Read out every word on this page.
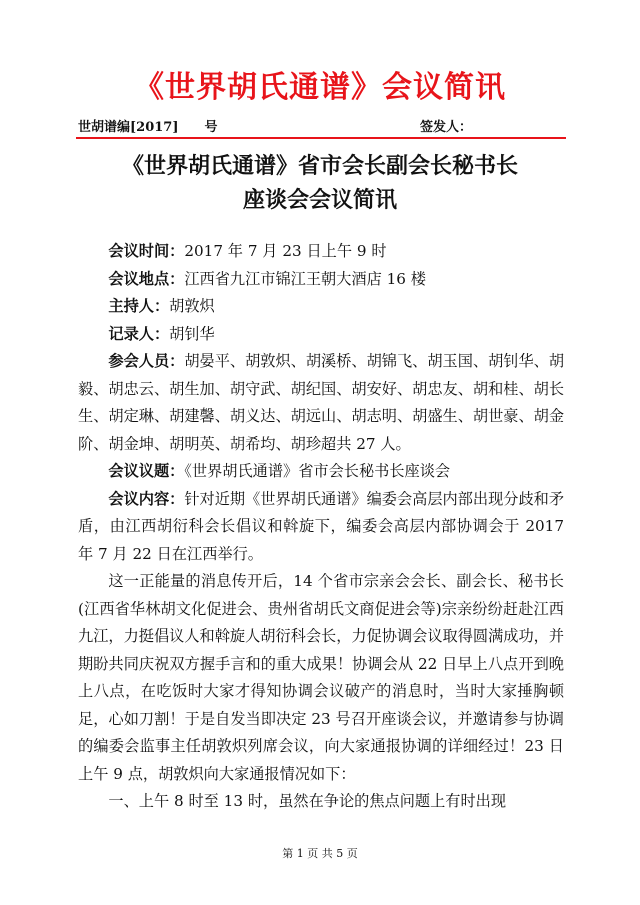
《世界胡氏通谱》会议简讯
世胡谱编[2017]　　号	签发人：
《世界胡氏通谱》省市会长副会长秘书长
座谈会会议简讯

会议时间：2017 年 7 月 23 日上午 9 时

会议地点：江西省九江市锦江王朝大酒店 16 楼

主持人：胡敦炽

记录人：胡钊华

参会人员：胡晏平、胡敦炽、胡溪桥、胡锦飞、胡玉国、胡钊华、胡毅、胡忠云、胡生加、胡守武、胡纪国、胡安好、胡忠友、胡和桂、胡长生、胡定琳、胡建馨、胡义达、胡远山、胡志明、胡盛生、胡世豪、胡金阶、胡金坤、胡明英、胡希均、胡珍超共 27 人。

会议议题：《世界胡氏通谱》省市会长秘书长座谈会

会议内容：针对近期《世界胡氏通谱》编委会高层内部出现分歧和矛盾，由江西胡衍科会长倡议和斡旋下，编委会高层内部协调会于 2017 年 7 月 22 日在江西举行。

这一正能量的消息传开后，14 个省市宗亲会会长、副会长、秘书长(江西省华林胡文化促进会、贵州省胡氏文商促进会等)宗亲纷纷赶赴江西九江，力挺倡议人和斡旋人胡衍科会长，力促协调会议取得圆满成功，并期盼共同庆祝双方握手言和的重大成果！协调会从 22 日早上八点开到晚上八点，在吃饭时大家才得知协调会议破产的消息时，当时大家捶胸顿足，心如刀割！于是自发当即决定 23 号召开座谈会议，并邀请参与协调的编委会监事主任胡敦炽列席会议，向大家通报协调的详细经过！23 日上午 9 点，胡敦炽向大家通报情况如下：

一、上午 8 时至 13 时，虽然在争论的焦点问题上有时出现

第 1 页 共 5 页
